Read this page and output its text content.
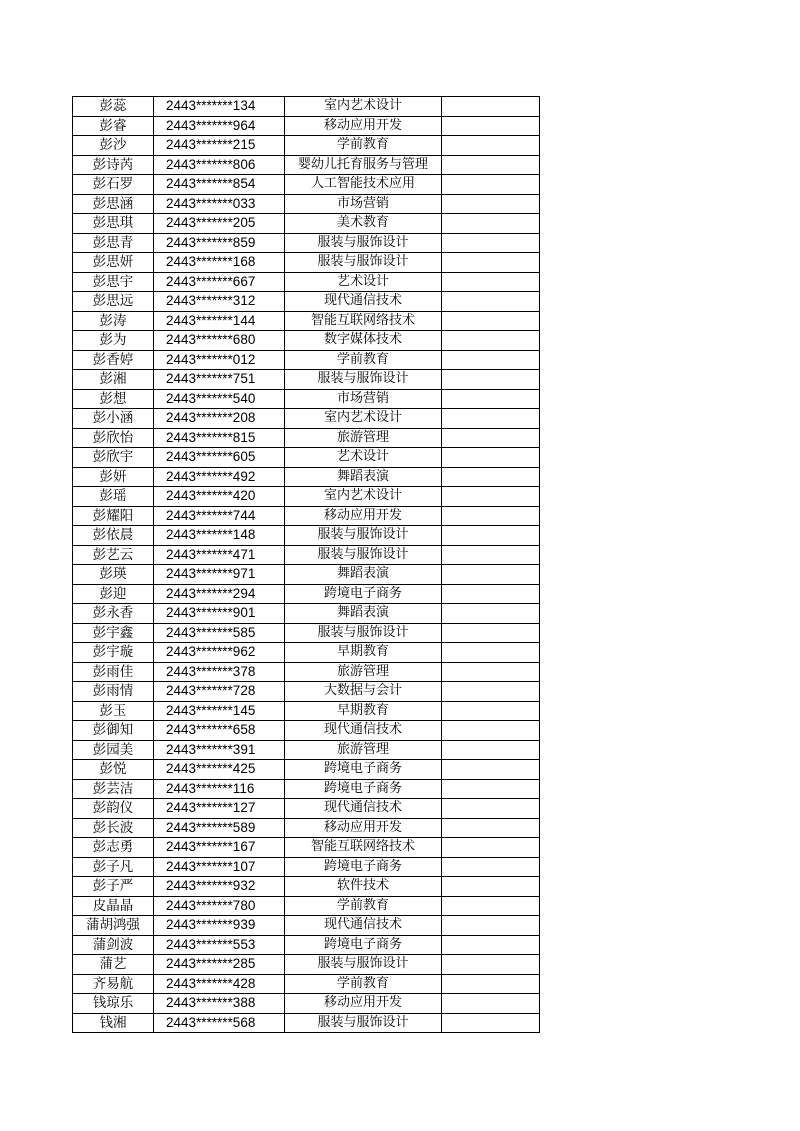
彭蕊	2443*******134	室内艺术设计	
彭睿	2443*******964	移动应用开发	
彭沙	2443*******215	学前教育	
彭诗芮	2443*******806	婴幼儿托育服务与管理	
彭石罗	2443*******854	人工智能技术应用	
彭思涵	2443*******033	市场营销	
彭思琪	2443*******205	美术教育	
彭思青	2443*******859	服装与服饰设计	
彭思妍	2443*******168	服装与服饰设计	
彭思宇	2443*******667	艺术设计	
彭思远	2443*******312	现代通信技术	
彭涛	2443*******144	智能互联网络技术	
彭为	2443*******680	数字媒体技术	
彭香婷	2443*******012	学前教育	
彭湘	2443*******751	服装与服饰设计	
彭想	2443*******540	市场营销	
彭小涵	2443*******208	室内艺术设计	
彭欣怡	2443*******815	旅游管理	
彭欣宇	2443*******605	艺术设计	
彭妍	2443*******492	舞蹈表演	
彭瑶	2443*******420	室内艺术设计	
彭耀阳	2443*******744	移动应用开发	
彭依晨	2443*******148	服装与服饰设计	
彭艺云	2443*******471	服装与服饰设计	
彭瑛	2443*******971	舞蹈表演	
彭迎	2443*******294	跨境电子商务	
彭永香	2443*******901	舞蹈表演	
彭宇鑫	2443*******585	服装与服饰设计	
彭宇璇	2443*******962	早期教育	
彭雨佳	2443*******378	旅游管理	
彭雨情	2443*******728	大数据与会计	
彭玉	2443*******145	早期教育	
彭御知	2443*******658	现代通信技术	
彭园美	2443*******391	旅游管理	
彭悦	2443*******425	跨境电子商务	
彭芸洁	2443*******116	跨境电子商务	
彭韵仪	2443*******127	现代通信技术	
彭长波	2443*******589	移动应用开发	
彭志勇	2443*******167	智能互联网络技术	
彭子凡	2443*******107	跨境电子商务	
彭子严	2443*******932	软件技术	
皮晶晶	2443*******780	学前教育	
蒲胡鸿强	2443*******939	现代通信技术	
蒲剑波	2443*******553	跨境电子商务	
蒲艺	2443*******285	服装与服饰设计	
齐易航	2443*******428	学前教育	
钱琼乐	2443*******388	移动应用开发	
钱湘	2443*******568	服装与服饰设计	
